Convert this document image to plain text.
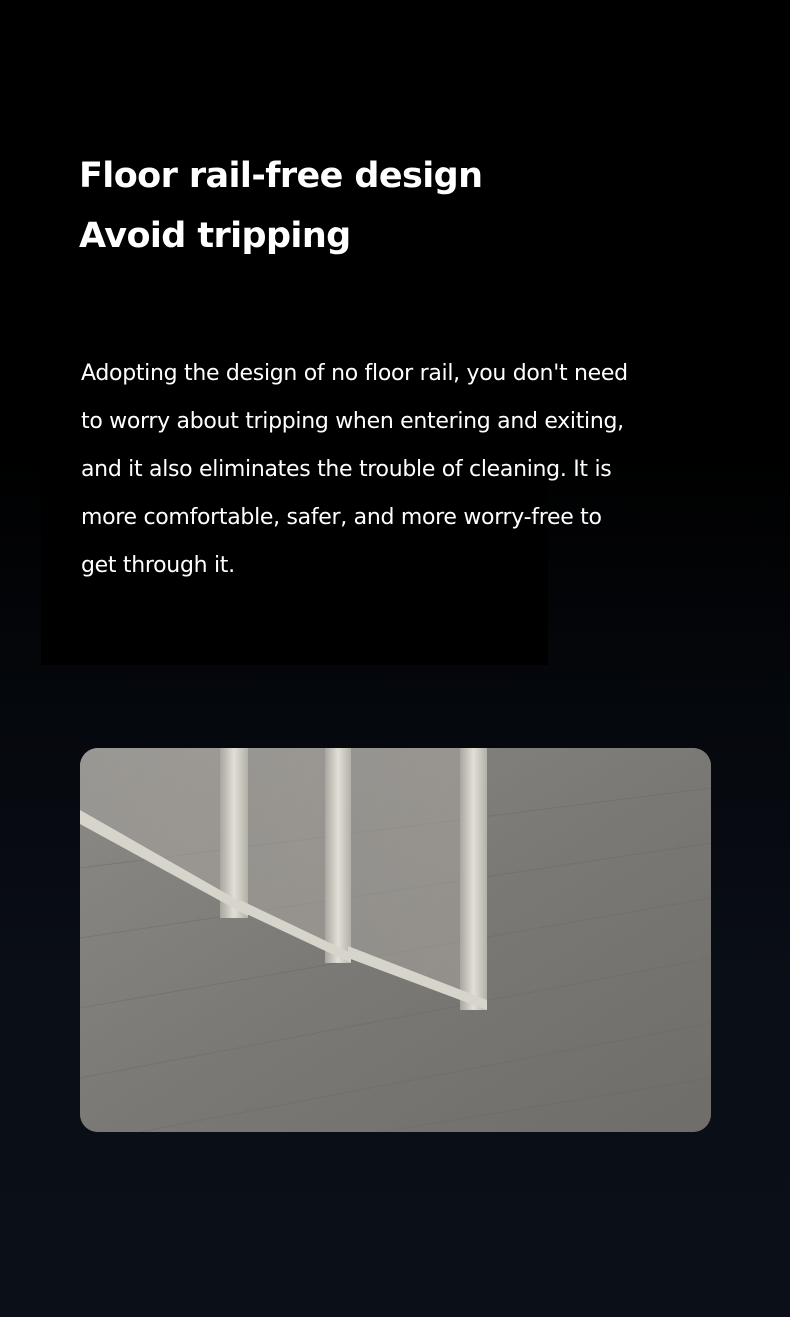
Floor rail-free design
Avoid tripping

Adopting the design of no floor rail, you don't need
to worry about tripping when entering and exiting,
and it also eliminates the trouble of cleaning. It is
more comfortable, safer, and more worry-free to
get through it.
